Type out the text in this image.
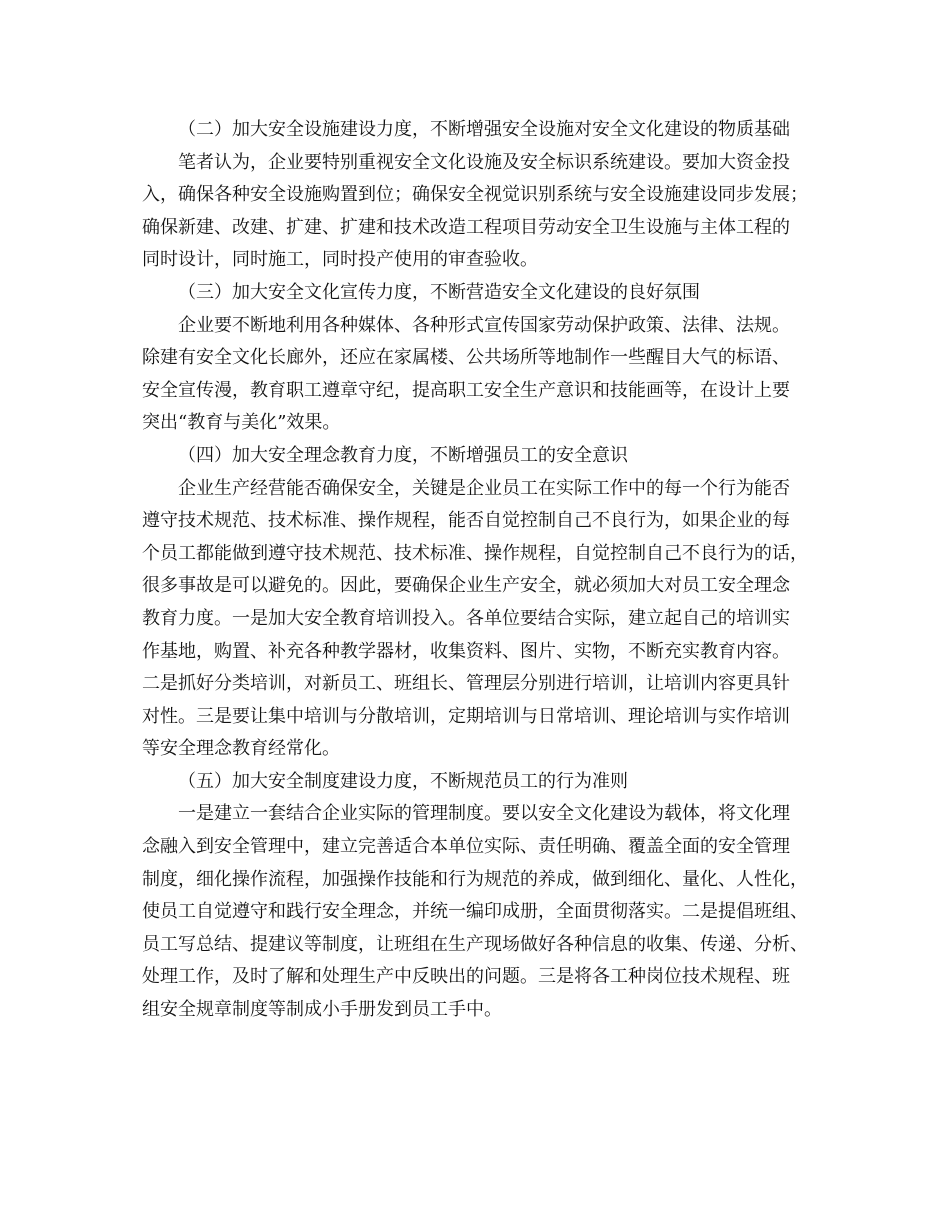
（二）加大安全设施建设力度，不断增强安全设施对安全文化建设的物质基础
笔者认为，企业要特别重视安全文化设施及安全标识系统建设。要加大资金投
入，确保各种安全设施购置到位；确保安全视觉识别系统与安全设施建设同步发展；
确保新建、改建、扩建、扩建和技术改造工程项目劳动安全卫生设施与主体工程的
同时设计，同时施工，同时投产使用的审查验收。
（三）加大安全文化宣传力度，不断营造安全文化建设的良好氛围
企业要不断地利用各种媒体、各种形式宣传国家劳动保护政策、法律、法规。
除建有安全文化长廊外，还应在家属楼、公共场所等地制作一些醒目大气的标语、
安全宣传漫，教育职工遵章守纪，提高职工安全生产意识和技能画等，在设计上要
突出“教育与美化”效果。
（四）加大安全理念教育力度，不断增强员工的安全意识
企业生产经营能否确保安全，关键是企业员工在实际工作中的每一个行为能否
遵守技术规范、技术标准、操作规程，能否自觉控制自己不良行为，如果企业的每
个员工都能做到遵守技术规范、技术标准、操作规程，自觉控制自己不良行为的话，
很多事故是可以避免的。因此，要确保企业生产安全，就必须加大对员工安全理念
教育力度。一是加大安全教育培训投入。各单位要结合实际，建立起自己的培训实
作基地，购置、补充各种教学器材，收集资料、图片、实物，不断充实教育内容。
二是抓好分类培训，对新员工、班组长、管理层分别进行培训，让培训内容更具针
对性。三是要让集中培训与分散培训，定期培训与日常培训、理论培训与实作培训
等安全理念教育经常化。
（五）加大安全制度建设力度，不断规范员工的行为准则
一是建立一套结合企业实际的管理制度。要以安全文化建设为载体，将文化理
念融入到安全管理中，建立完善适合本单位实际、责任明确、覆盖全面的安全管理
制度，细化操作流程，加强操作技能和行为规范的养成，做到细化、量化、人性化，
使员工自觉遵守和践行安全理念，并统一编印成册，全面贯彻落实。二是提倡班组、
员工写总结、提建议等制度，让班组在生产现场做好各种信息的收集、传递、分析、
处理工作，及时了解和处理生产中反映出的问题。三是将各工种岗位技术规程、班
组安全规章制度等制成小手册发到员工手中。
